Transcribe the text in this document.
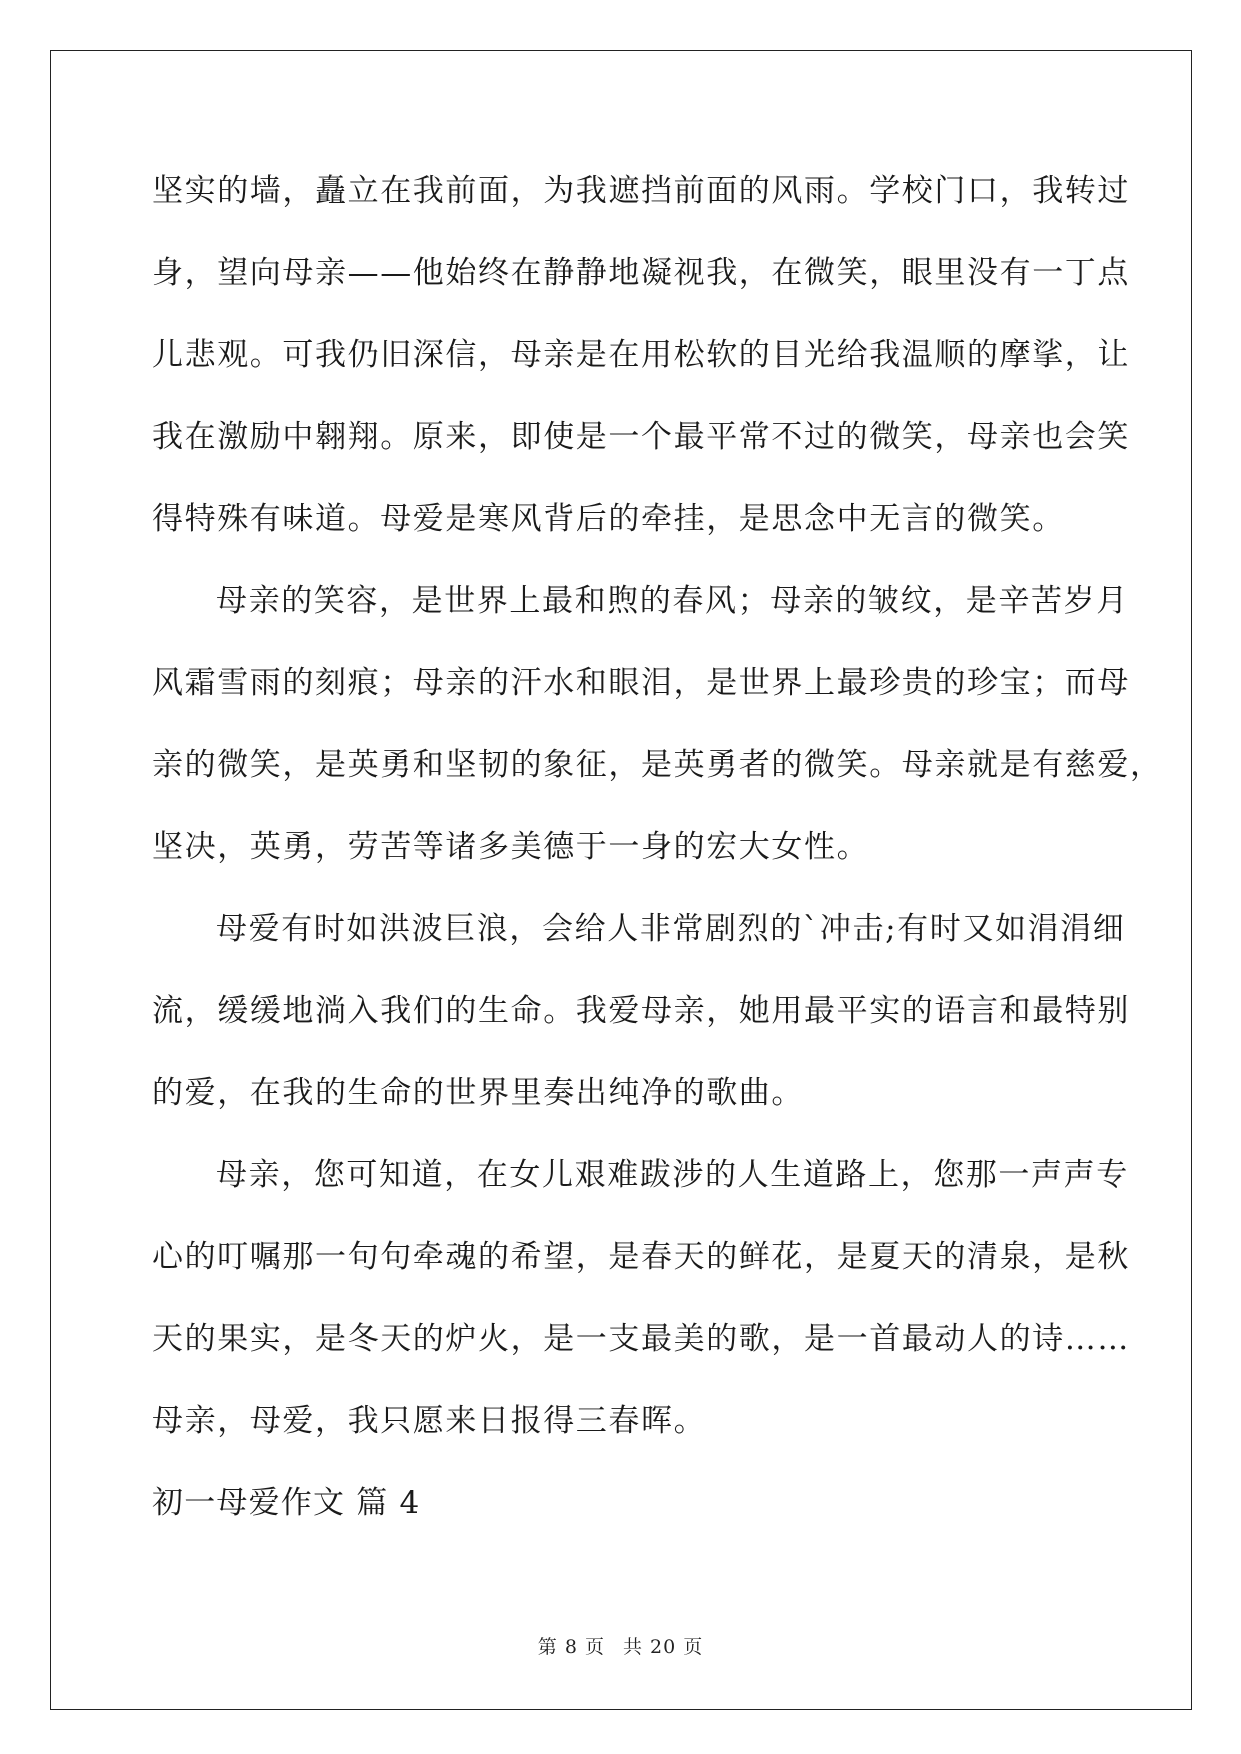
坚实的墙，矗立在我前面，为我遮挡前面的风雨。学校门口，我转过
身，望向母亲——他始终在静静地凝视我，在微笑，眼里没有一丁点
儿悲观。可我仍旧深信，母亲是在用松软的目光给我温顺的摩挲，让
我在激励中翱翔。原来，即使是一个最平常不过的微笑，母亲也会笑
得特殊有味道。母爱是寒风背后的牵挂，是思念中无言的微笑。
母亲的笑容，是世界上最和煦的春风；母亲的皱纹，是辛苦岁月
风霜雪雨的刻痕；母亲的汗水和眼泪，是世界上最珍贵的珍宝；而母
亲的微笑，是英勇和坚韧的象征，是英勇者的微笑。母亲就是有慈爱，
坚决，英勇，劳苦等诸多美德于一身的宏大女性。
母爱有时如洪波巨浪，会给人非常剧烈的`冲击;有时又如涓涓细
流，缓缓地淌入我们的生命。我爱母亲，她用最平实的语言和最特别
的爱，在我的生命的世界里奏出纯净的歌曲。
母亲，您可知道，在女儿艰难跋涉的人生道路上，您那一声声专
心的叮嘱那一句句牵魂的希望，是春天的鲜花，是夏天的清泉，是秋
天的果实，是冬天的炉火，是一支最美的歌，是一首最动人的诗……
母亲，母爱，我只愿来日报得三春晖。
初一母爱作文 篇 4
第 8 页 共 20 页
